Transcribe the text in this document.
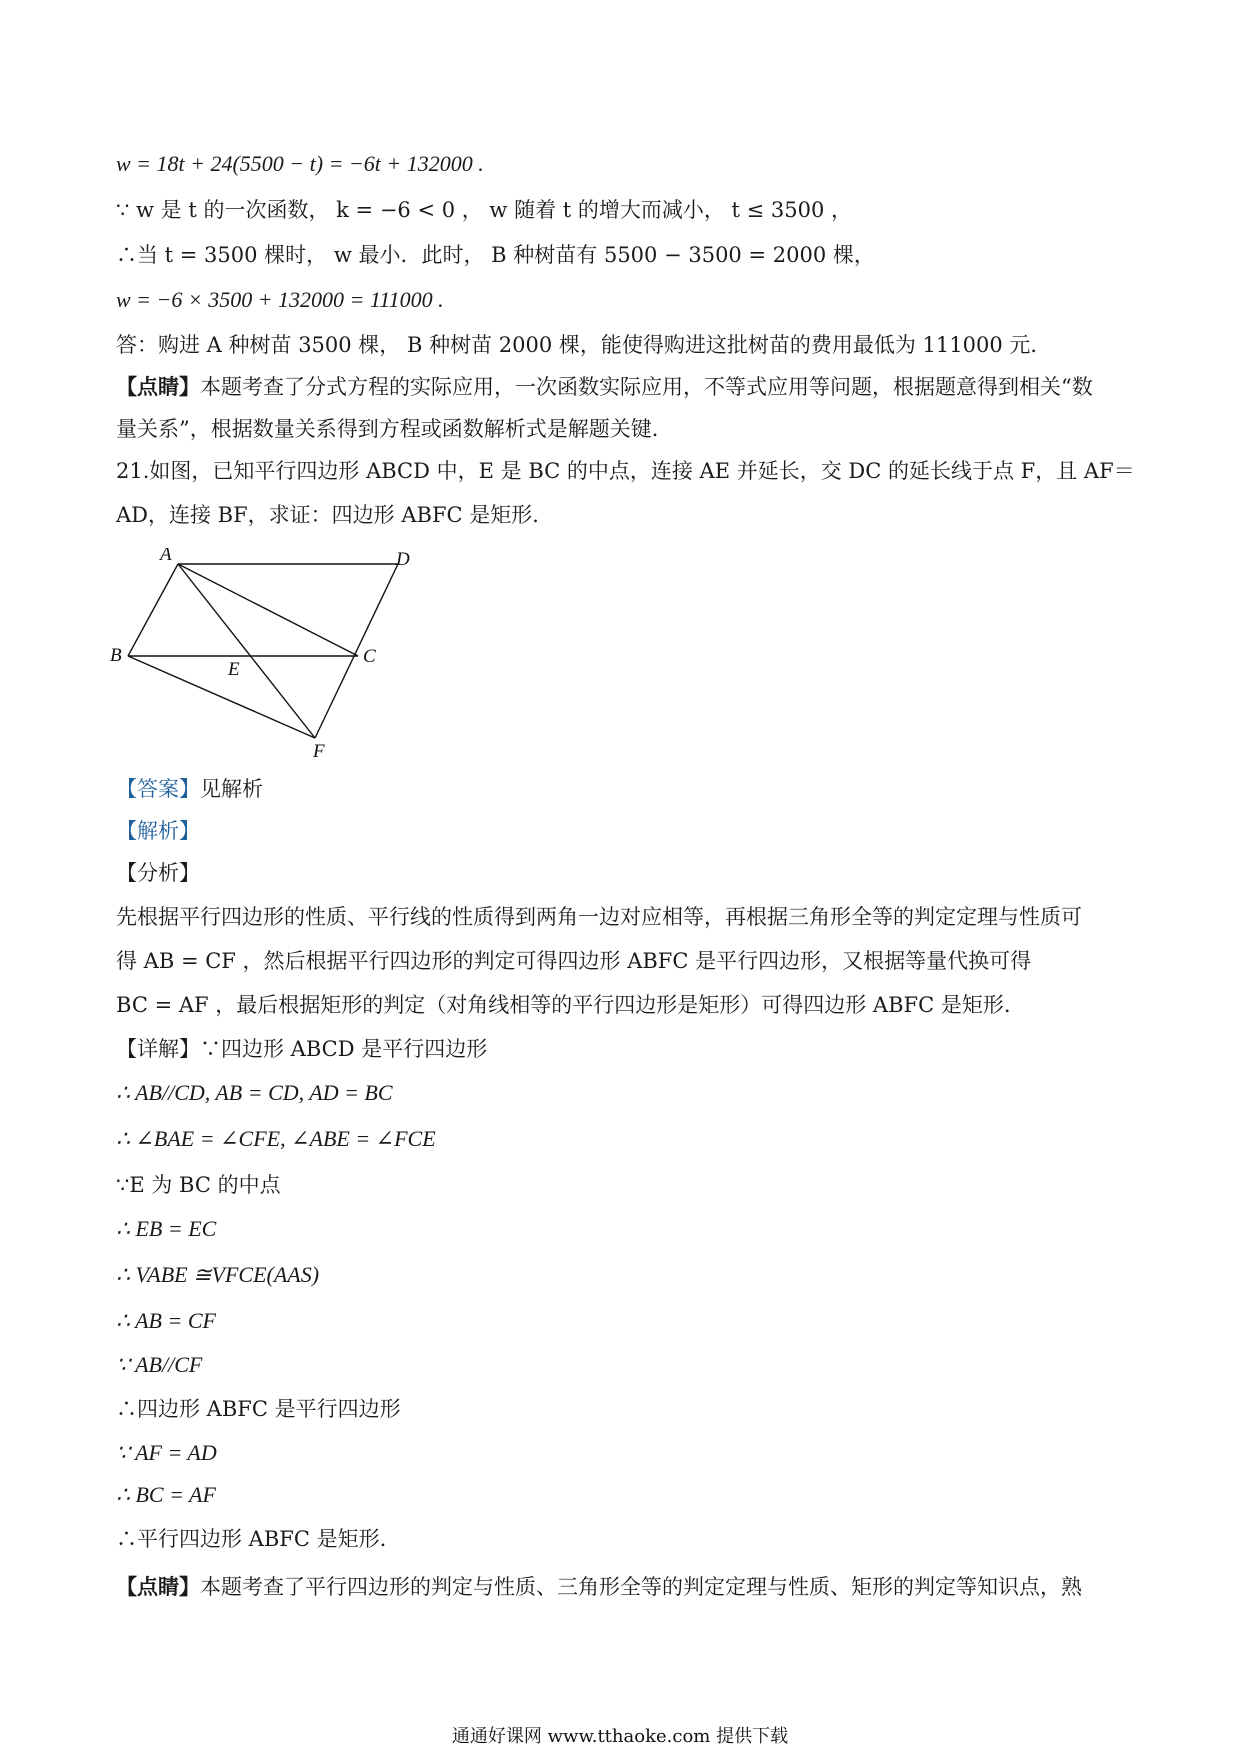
w = 18t + 24(5500 − t) = −6t + 132000 .

∵ w 是 t 的一次函数， k = −6 < 0 ， w 随着 t 的增大而减小， t ≤ 3500 ，

∴当 t = 3500 棵时， w 最小．此时， B 种树苗有 5500 − 3500 = 2000 棵，

w = −6 × 3500 + 132000 = 111000 .

答：购进 A 种树苗 3500 棵， B 种树苗 2000 棵，能使得购进这批树苗的费用最低为 111000 元．

【点睛】本题考查了分式方程的实际应用，一次函数实际应用，不等式应用等问题，根据题意得到相关“数

量关系”，根据数量关系得到方程或函数解析式是解题关键．

21.如图，已知平行四边形 ABCD 中，E 是 BC 的中点，连接 AE 并延长，交 DC 的延长线于点 F，且 AF＝

AD，连接 BF，求证：四边形 ABFC 是矩形．

A	D
B	C
E
F

【答案】见解析

【解析】

【分析】

先根据平行四边形的性质、平行线的性质得到两角一边对应相等，再根据三角形全等的判定定理与性质可

得 AB = CF ，然后根据平行四边形的判定可得四边形 ABFC 是平行四边形，又根据等量代换可得

BC = AF ，最后根据矩形的判定（对角线相等的平行四边形是矩形）可得四边形 ABFC 是矩形.

【详解】∵四边形 ABCD 是平行四边形

∴ AB//CD, AB = CD, AD = BC

∴ ∠BAE = ∠CFE, ∠ABE = ∠FCE

∵E 为 BC 的中点

∴ EB = EC

∴ VABE ≅VFCE(AAS)

∴ AB = CF

∵ AB//CF

∴四边形 ABFC 是平行四边形

∵ AF = AD

∴ BC = AF

∴平行四边形 ABFC 是矩形.

【点睛】本题考查了平行四边形的判定与性质、三角形全等的判定定理与性质、矩形的判定等知识点，熟

通通好课网 www.tthaoke.com 提供下载
